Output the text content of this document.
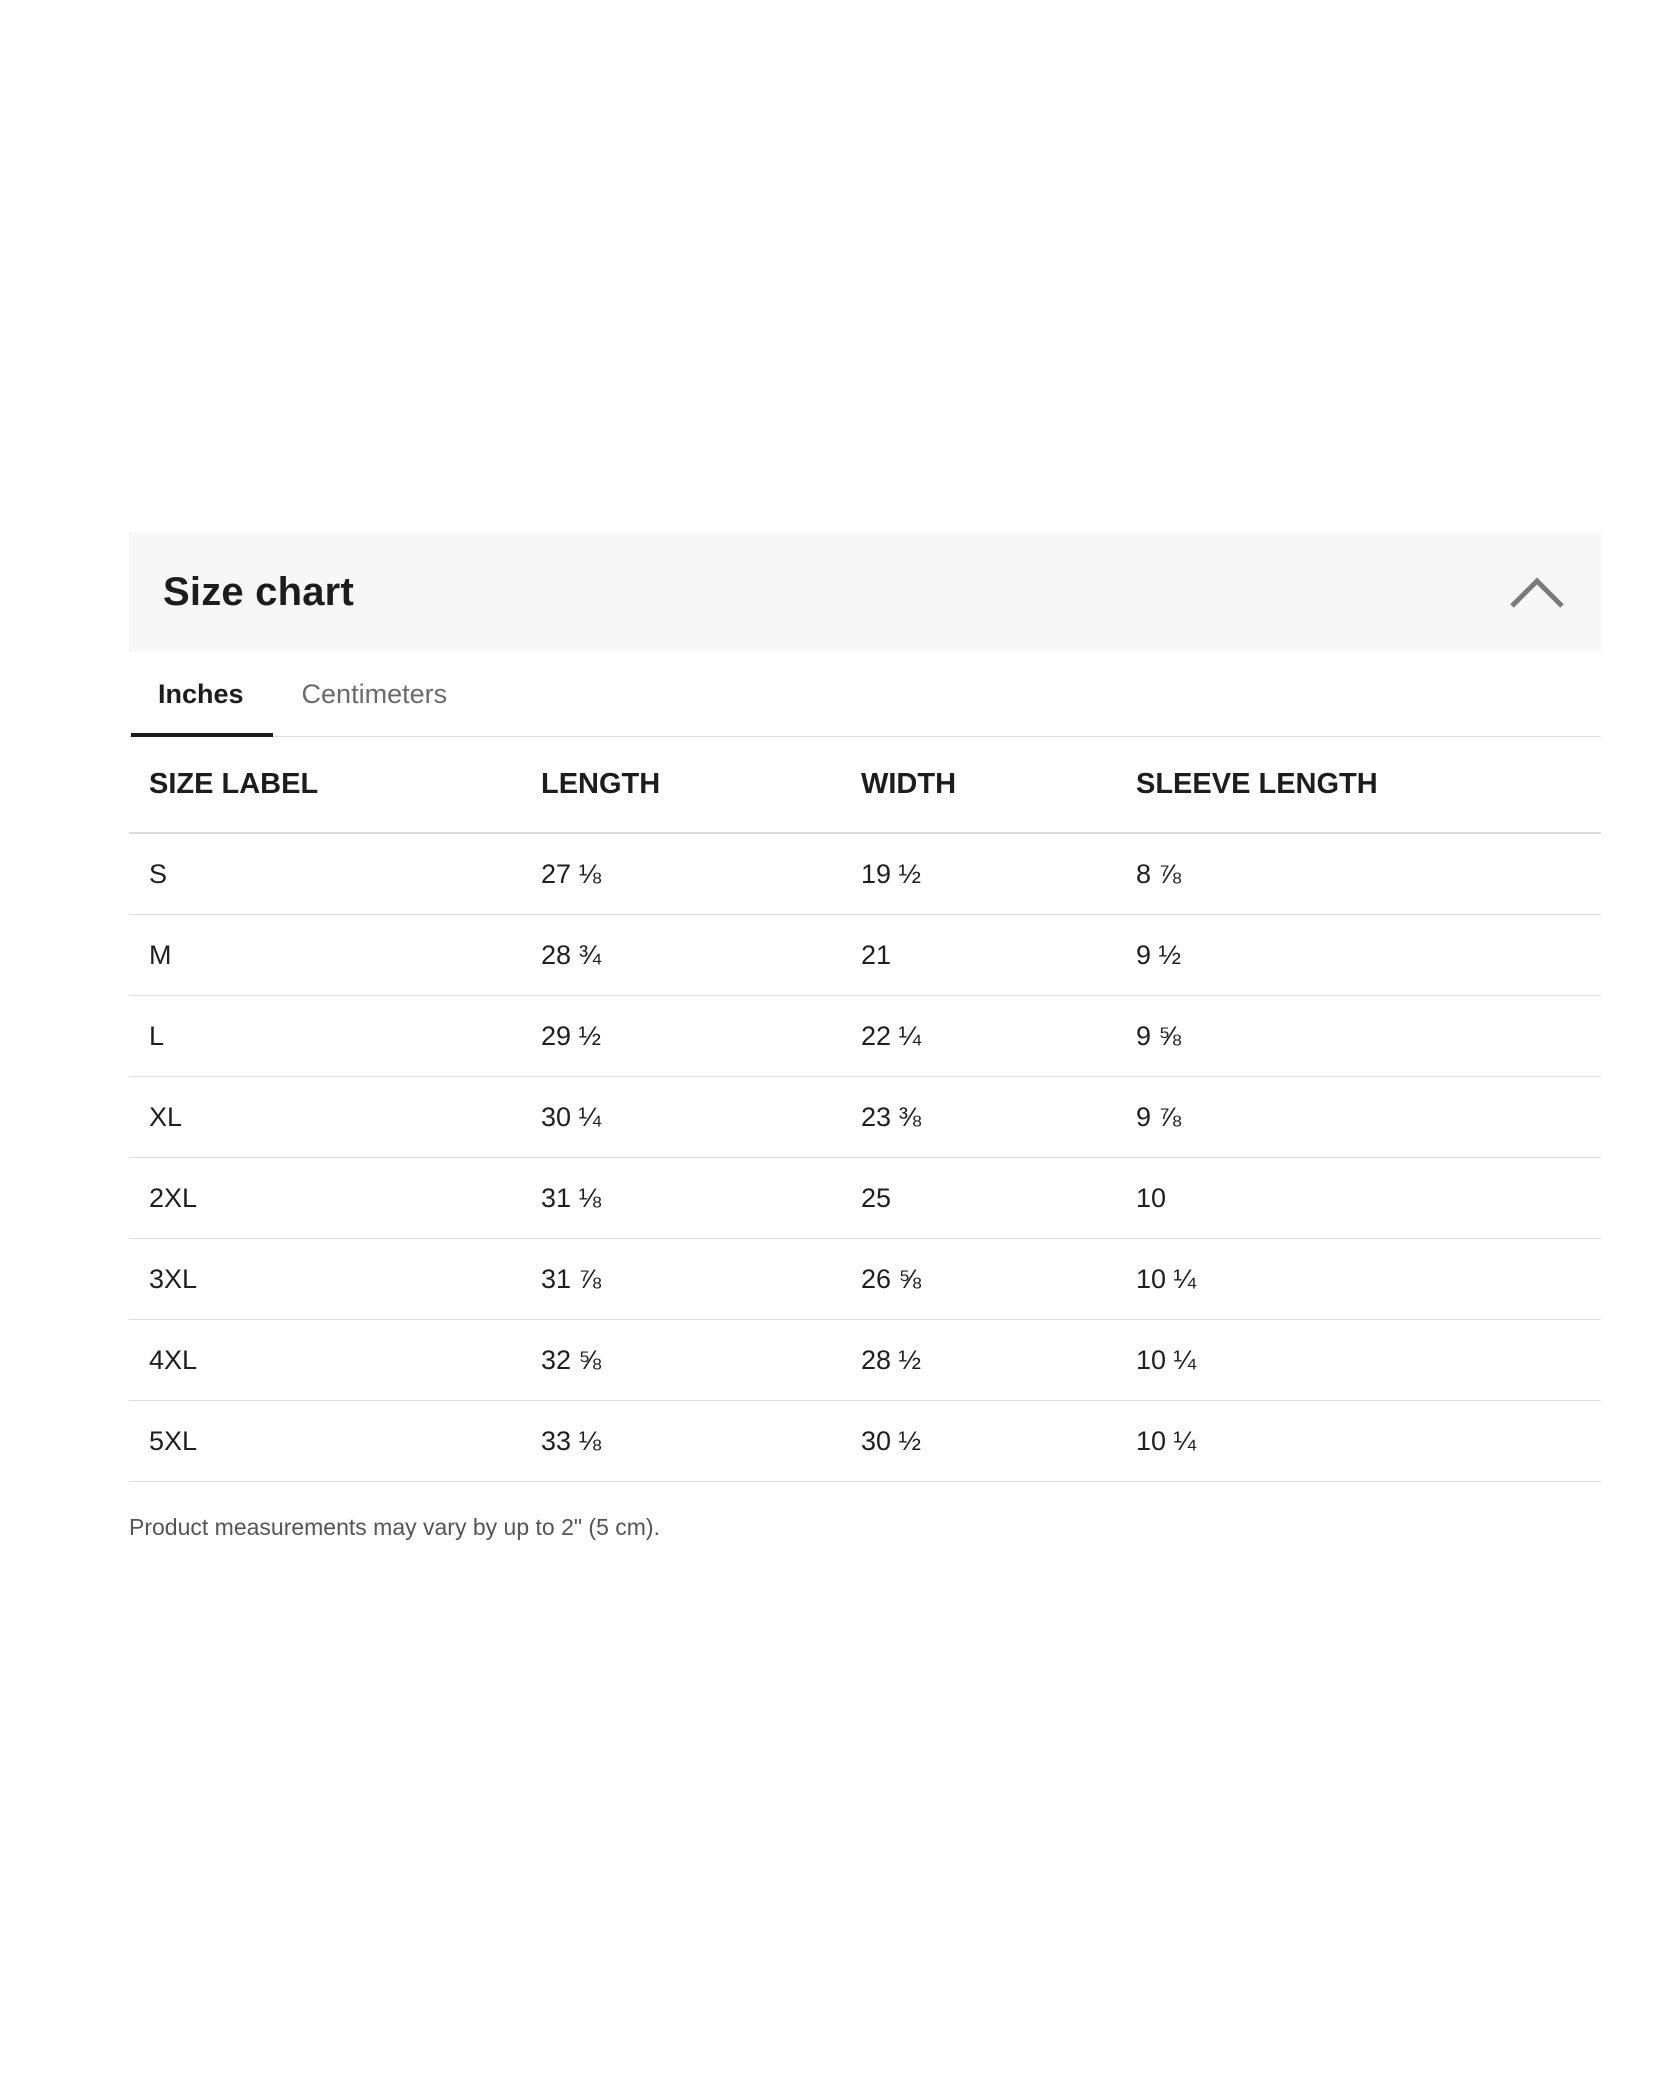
Size chart
Inches	Centimeters
SIZE LABEL	LENGTH	WIDTH	SLEEVE LENGTH
S	27 ⅛	19 ½	8 ⅞
M	28 ¾	21	9 ½
L	29 ½	22 ¼	9 ⅝
XL	30 ¼	23 ⅜	9 ⅞
2XL	31 ⅛	25	10
3XL	31 ⅞	26 ⅝	10 ¼
4XL	32 ⅝	28 ½	10 ¼
5XL	33 ⅛	30 ½	10 ¼
Product measurements may vary by up to 2" (5 cm).
